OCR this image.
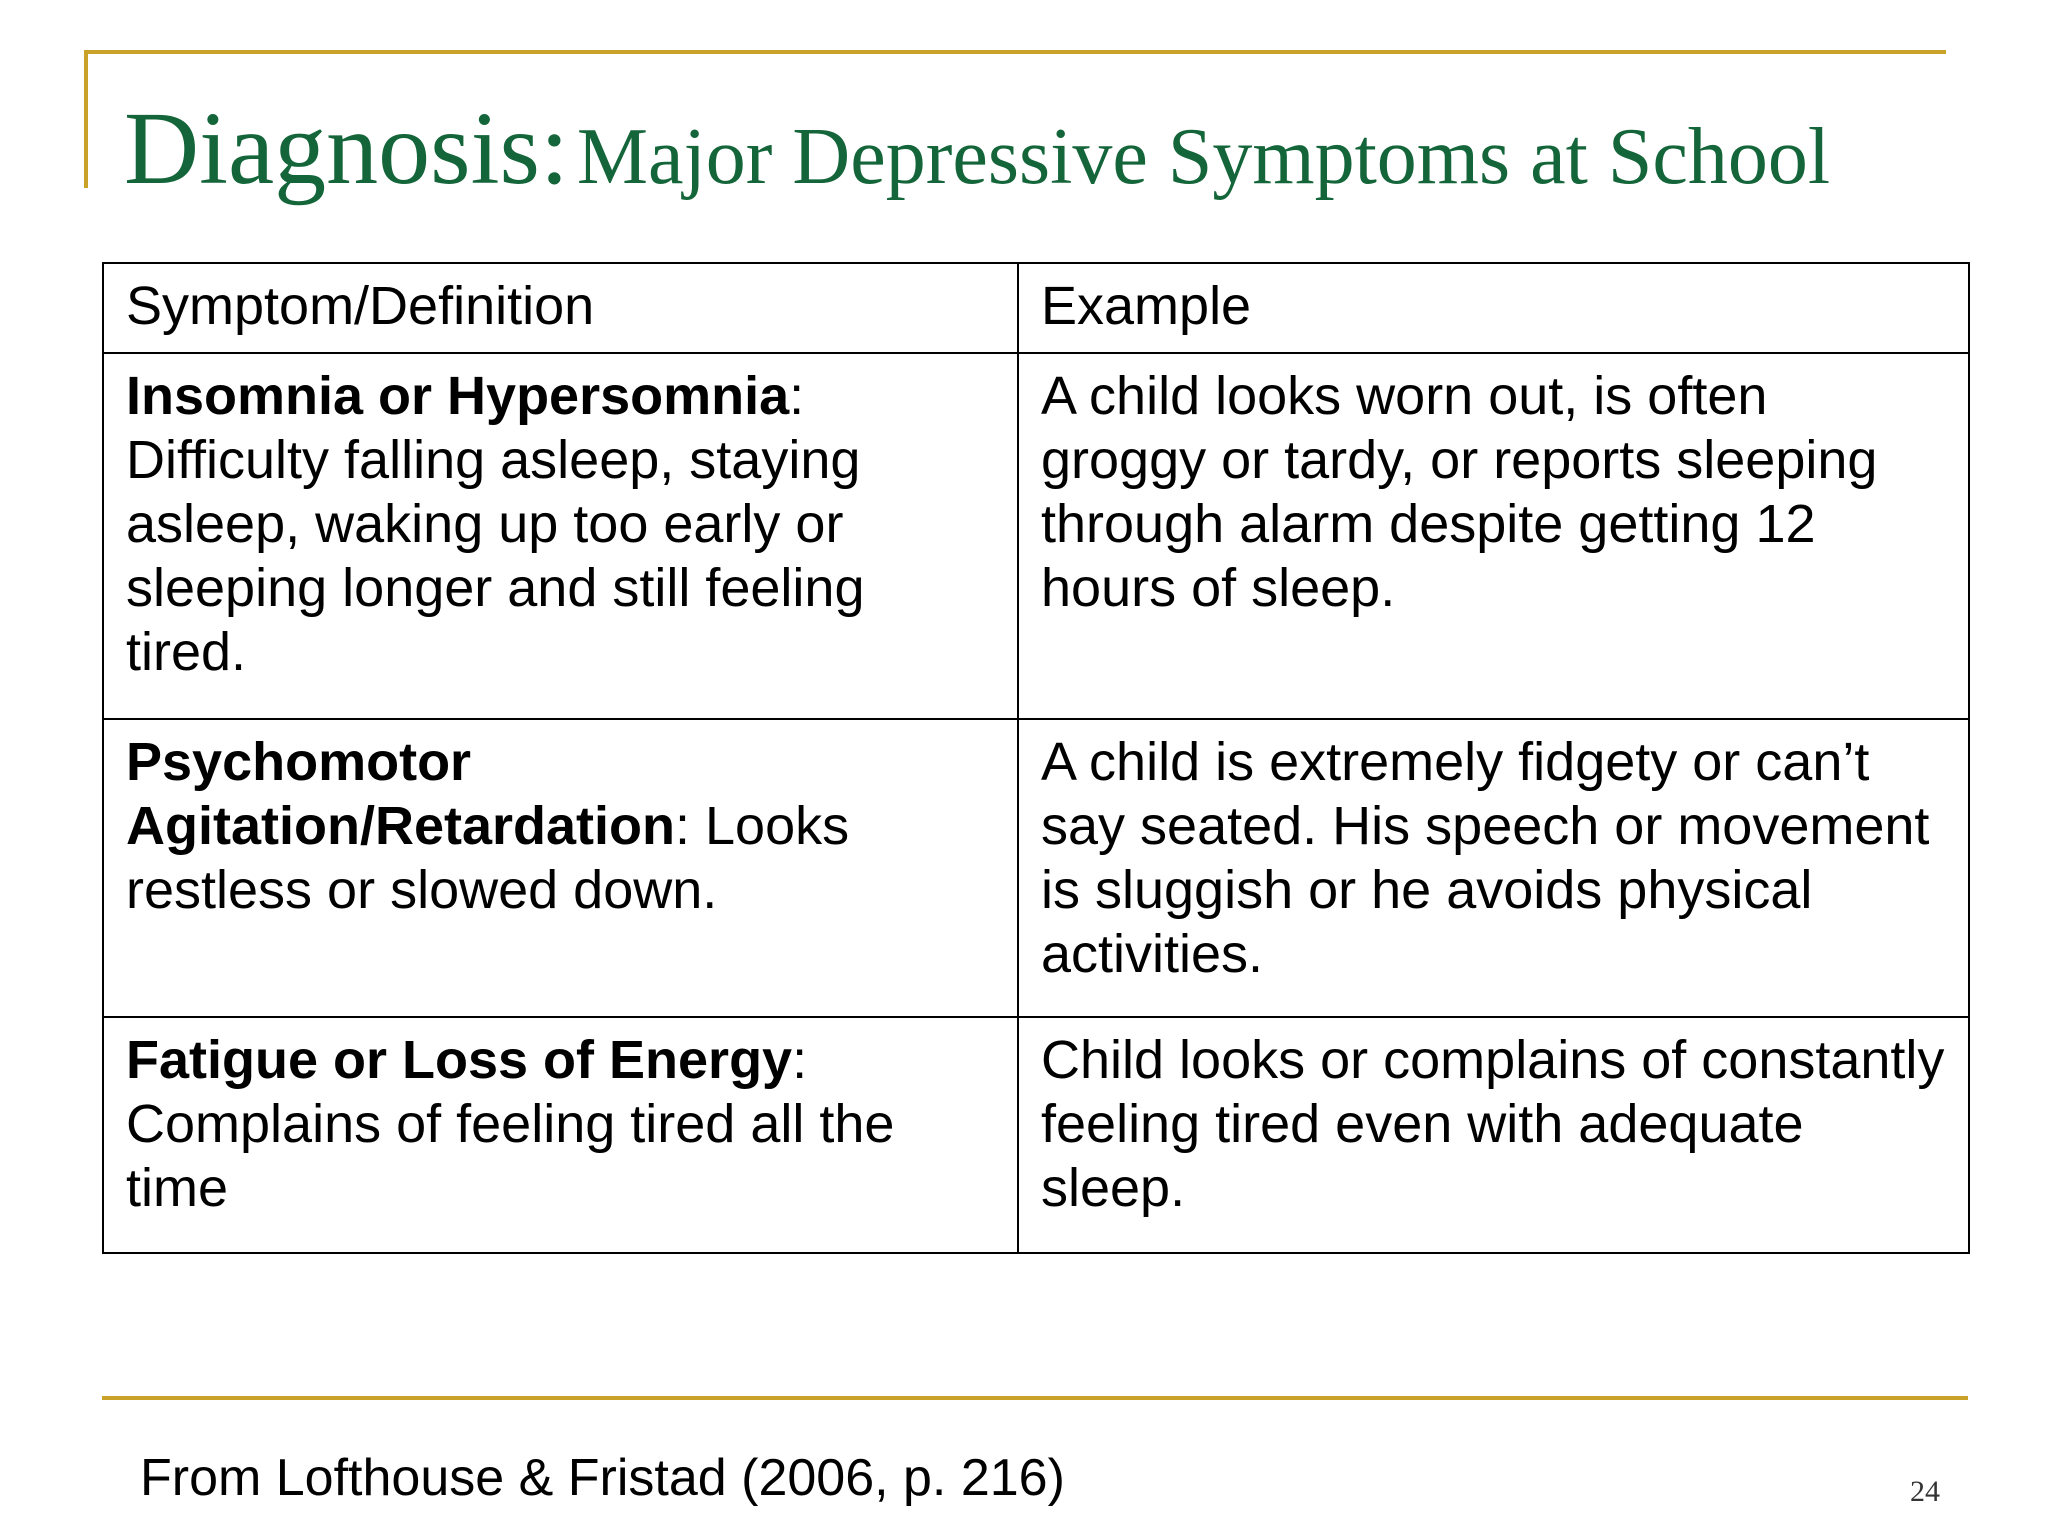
Diagnosis: Major Depressive Symptoms at School
Symptom/Definition	Example
Insomnia or Hypersomnia: Difficulty falling asleep, staying asleep, waking up too early or sleeping longer and still feeling tired.	A child looks worn out, is often groggy or tardy, or reports sleeping through alarm despite getting 12 hours of sleep.
Psychomotor Agitation/Retardation: Looks restless or slowed down.	A child is extremely fidgety or can’t say seated. His speech or movement is sluggish or he avoids physical activities.
Fatigue or Loss of Energy: Complains of feeling tired all the time	Child looks or complains of constantly feeling tired even with adequate sleep.
From Lofthouse & Fristad (2006, p. 216)	24
